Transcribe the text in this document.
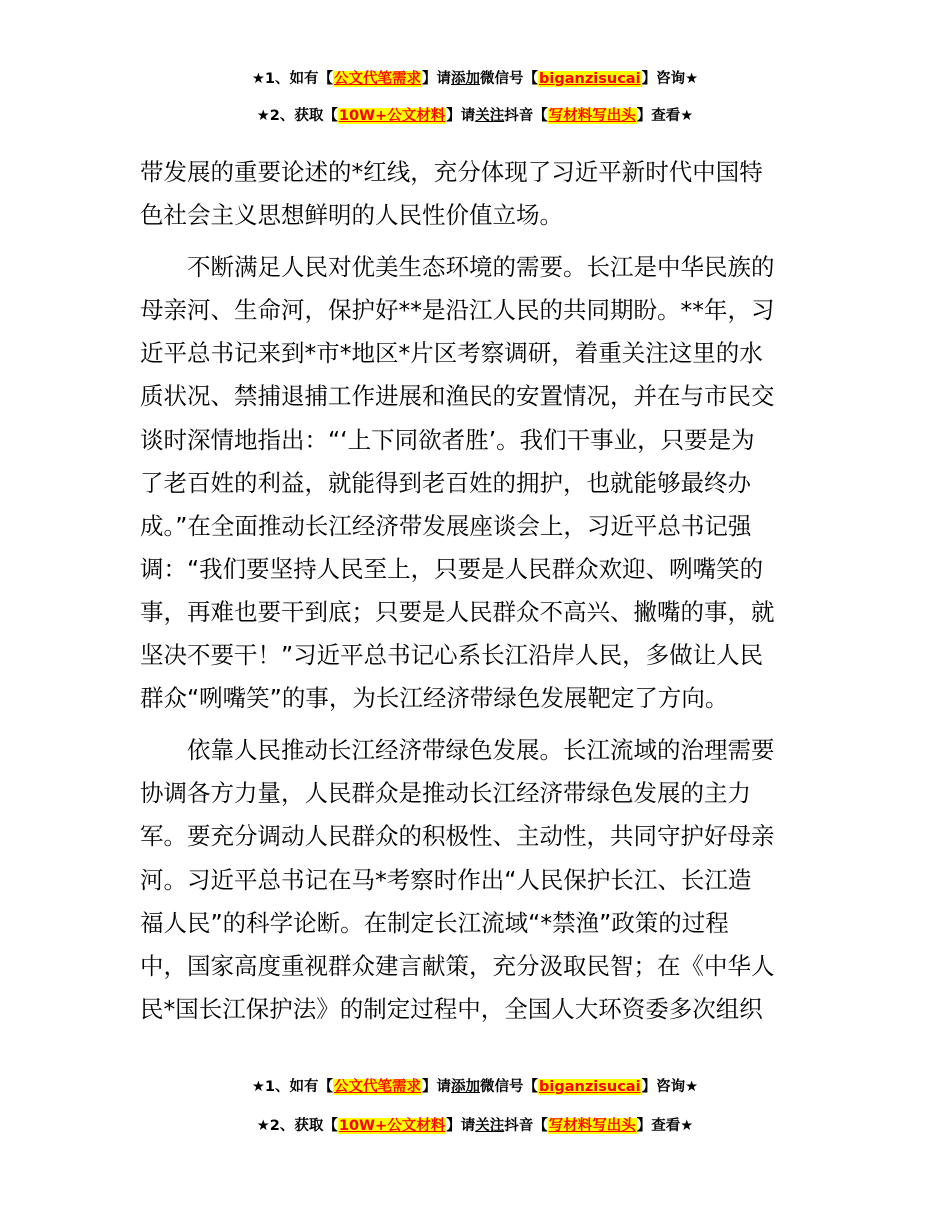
★1、如有【公文代笔需求】请添加微信号【biganzisucai】咨询★
★2、获取【10W+公文材料】请关注抖音【写材料写出头】查看★
带发展的重要论述的*红线，充分体现了习近平新时代中国特
色社会主义思想鲜明的人民性价值立场。
　　不断满足人民对优美生态环境的需要。长江是中华民族的
母亲河、生命河，保护好**是沿江人民的共同期盼。**年，习
近平总书记来到*市*地区*片区考察调研，着重关注这里的水
质状况、禁捕退捕工作进展和渔民的安置情况，并在与市民交
谈时深情地指出：“‘上下同欲者胜’。我们干事业，只要是为
了老百姓的利益，就能得到老百姓的拥护，也就能够最终办
成。”在全面推动长江经济带发展座谈会上，习近平总书记强
调：“我们要坚持人民至上，只要是人民群众欢迎、咧嘴笑的
事，再难也要干到底；只要是人民群众不高兴、撇嘴的事，就
坚决不要干！”习近平总书记心系长江沿岸人民，多做让人民
群众“咧嘴笑”的事，为长江经济带绿色发展靶定了方向。
　　依靠人民推动长江经济带绿色发展。长江流域的治理需要
协调各方力量，人民群众是推动长江经济带绿色发展的主力
军。要充分调动人民群众的积极性、主动性，共同守护好母亲
河。习近平总书记在马*考察时作出“人民保护长江、长江造
福人民”的科学论断。在制定长江流域“*禁渔”政策的过程
中，国家高度重视群众建言献策，充分汲取民智；在《中华人
民*国长江保护法》的制定过程中，全国人大环资委多次组织
★1、如有【公文代笔需求】请添加微信号【biganzisucai】咨询★
★2、获取【10W+公文材料】请关注抖音【写材料写出头】查看★
